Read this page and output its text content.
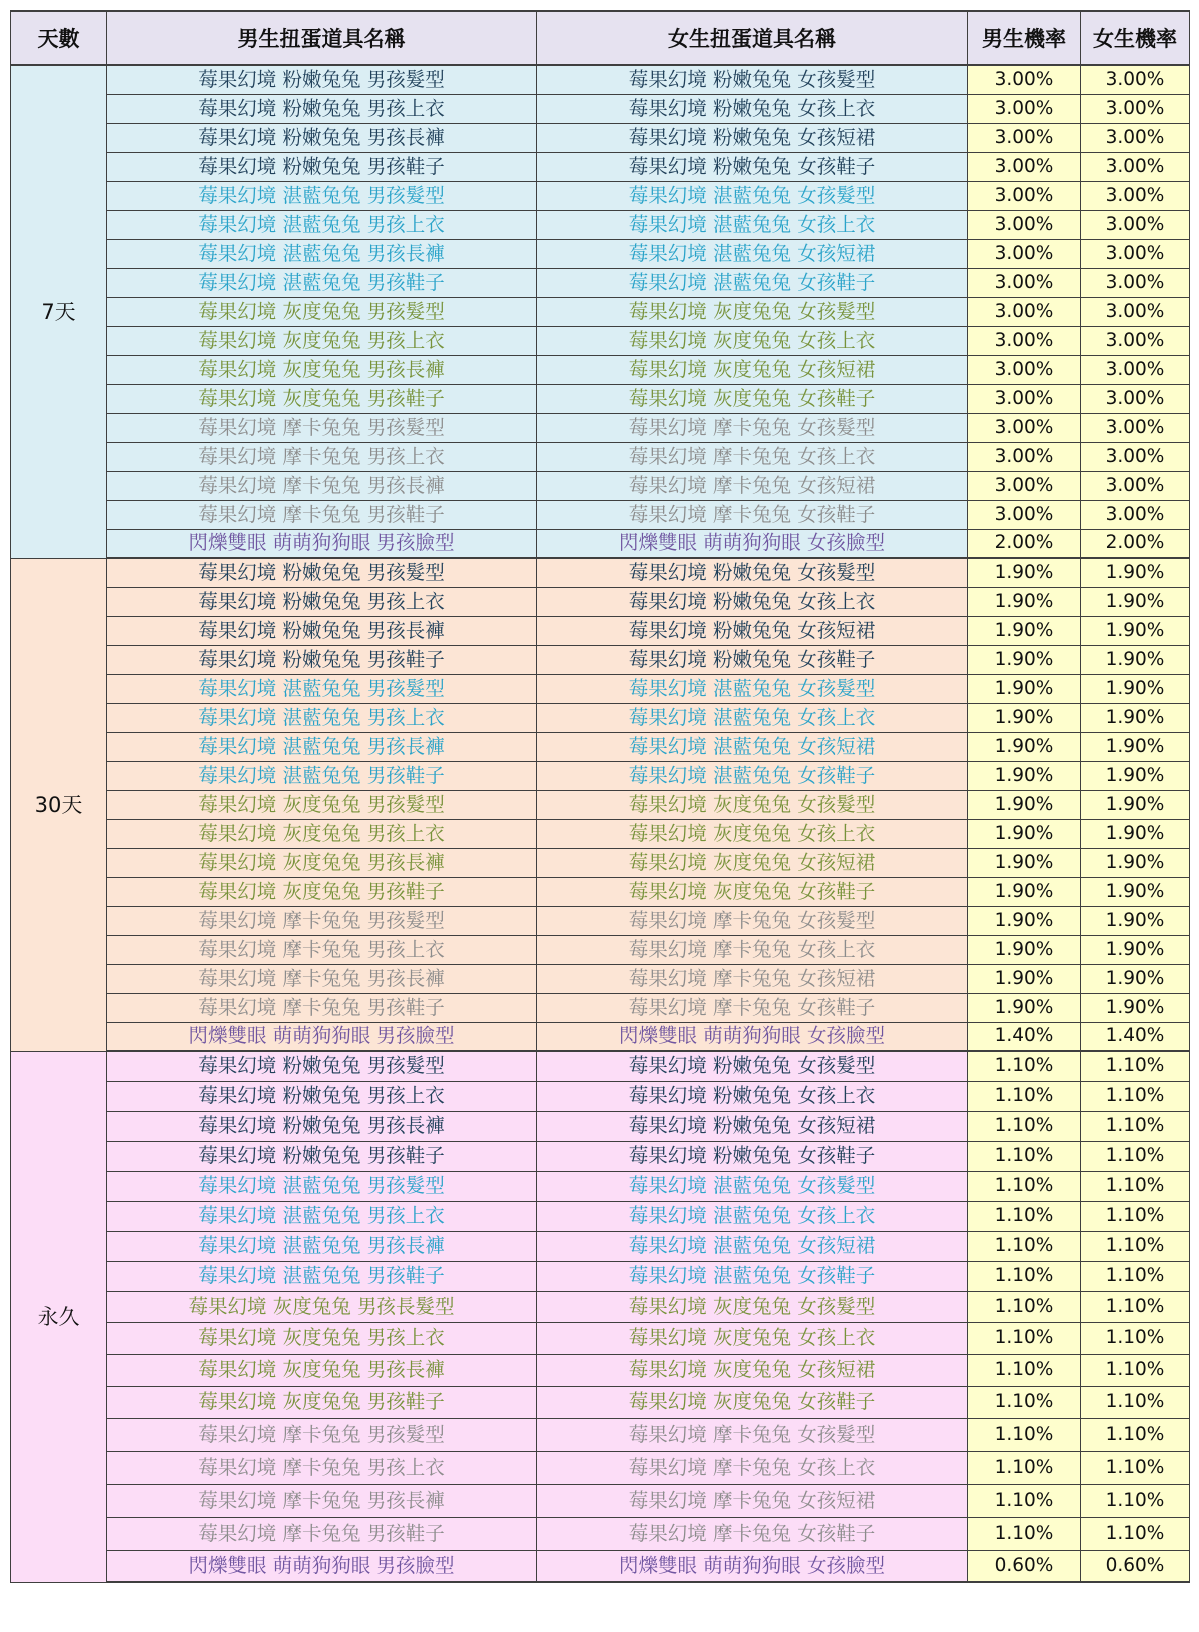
天數	男生扭蛋道具名稱	女生扭蛋道具名稱	男生機率	女生機率
7天	莓果幻境 粉嫩兔兔 男孩髮型	莓果幻境 粉嫩兔兔 女孩髮型	3.00%	3.00%
	莓果幻境 粉嫩兔兔 男孩上衣	莓果幻境 粉嫩兔兔 女孩上衣	3.00%	3.00%
	莓果幻境 粉嫩兔兔 男孩長褲	莓果幻境 粉嫩兔兔 女孩短裙	3.00%	3.00%
	莓果幻境 粉嫩兔兔 男孩鞋子	莓果幻境 粉嫩兔兔 女孩鞋子	3.00%	3.00%
	莓果幻境 湛藍兔兔 男孩髮型	莓果幻境 湛藍兔兔 女孩髮型	3.00%	3.00%
	莓果幻境 湛藍兔兔 男孩上衣	莓果幻境 湛藍兔兔 女孩上衣	3.00%	3.00%
	莓果幻境 湛藍兔兔 男孩長褲	莓果幻境 湛藍兔兔 女孩短裙	3.00%	3.00%
	莓果幻境 湛藍兔兔 男孩鞋子	莓果幻境 湛藍兔兔 女孩鞋子	3.00%	3.00%
	莓果幻境 灰度兔兔 男孩髮型	莓果幻境 灰度兔兔 女孩髮型	3.00%	3.00%
	莓果幻境 灰度兔兔 男孩上衣	莓果幻境 灰度兔兔 女孩上衣	3.00%	3.00%
	莓果幻境 灰度兔兔 男孩長褲	莓果幻境 灰度兔兔 女孩短裙	3.00%	3.00%
	莓果幻境 灰度兔兔 男孩鞋子	莓果幻境 灰度兔兔 女孩鞋子	3.00%	3.00%
	莓果幻境 摩卡兔兔 男孩髮型	莓果幻境 摩卡兔兔 女孩髮型	3.00%	3.00%
	莓果幻境 摩卡兔兔 男孩上衣	莓果幻境 摩卡兔兔 女孩上衣	3.00%	3.00%
	莓果幻境 摩卡兔兔 男孩長褲	莓果幻境 摩卡兔兔 女孩短裙	3.00%	3.00%
	莓果幻境 摩卡兔兔 男孩鞋子	莓果幻境 摩卡兔兔 女孩鞋子	3.00%	3.00%
	閃爍雙眼 萌萌狗狗眼 男孩臉型	閃爍雙眼 萌萌狗狗眼 女孩臉型	2.00%	2.00%
30天	莓果幻境 粉嫩兔兔 男孩髮型	莓果幻境 粉嫩兔兔 女孩髮型	1.90%	1.90%
	莓果幻境 粉嫩兔兔 男孩上衣	莓果幻境 粉嫩兔兔 女孩上衣	1.90%	1.90%
	莓果幻境 粉嫩兔兔 男孩長褲	莓果幻境 粉嫩兔兔 女孩短裙	1.90%	1.90%
	莓果幻境 粉嫩兔兔 男孩鞋子	莓果幻境 粉嫩兔兔 女孩鞋子	1.90%	1.90%
	莓果幻境 湛藍兔兔 男孩髮型	莓果幻境 湛藍兔兔 女孩髮型	1.90%	1.90%
	莓果幻境 湛藍兔兔 男孩上衣	莓果幻境 湛藍兔兔 女孩上衣	1.90%	1.90%
	莓果幻境 湛藍兔兔 男孩長褲	莓果幻境 湛藍兔兔 女孩短裙	1.90%	1.90%
	莓果幻境 湛藍兔兔 男孩鞋子	莓果幻境 湛藍兔兔 女孩鞋子	1.90%	1.90%
	莓果幻境 灰度兔兔 男孩髮型	莓果幻境 灰度兔兔 女孩髮型	1.90%	1.90%
	莓果幻境 灰度兔兔 男孩上衣	莓果幻境 灰度兔兔 女孩上衣	1.90%	1.90%
	莓果幻境 灰度兔兔 男孩長褲	莓果幻境 灰度兔兔 女孩短裙	1.90%	1.90%
	莓果幻境 灰度兔兔 男孩鞋子	莓果幻境 灰度兔兔 女孩鞋子	1.90%	1.90%
	莓果幻境 摩卡兔兔 男孩髮型	莓果幻境 摩卡兔兔 女孩髮型	1.90%	1.90%
	莓果幻境 摩卡兔兔 男孩上衣	莓果幻境 摩卡兔兔 女孩上衣	1.90%	1.90%
	莓果幻境 摩卡兔兔 男孩長褲	莓果幻境 摩卡兔兔 女孩短裙	1.90%	1.90%
	莓果幻境 摩卡兔兔 男孩鞋子	莓果幻境 摩卡兔兔 女孩鞋子	1.90%	1.90%
	閃爍雙眼 萌萌狗狗眼 男孩臉型	閃爍雙眼 萌萌狗狗眼 女孩臉型	1.40%	1.40%
永久	莓果幻境 粉嫩兔兔 男孩髮型	莓果幻境 粉嫩兔兔 女孩髮型	1.10%	1.10%
	莓果幻境 粉嫩兔兔 男孩上衣	莓果幻境 粉嫩兔兔 女孩上衣	1.10%	1.10%
	莓果幻境 粉嫩兔兔 男孩長褲	莓果幻境 粉嫩兔兔 女孩短裙	1.10%	1.10%
	莓果幻境 粉嫩兔兔 男孩鞋子	莓果幻境 粉嫩兔兔 女孩鞋子	1.10%	1.10%
	莓果幻境 湛藍兔兔 男孩髮型	莓果幻境 湛藍兔兔 女孩髮型	1.10%	1.10%
	莓果幻境 湛藍兔兔 男孩上衣	莓果幻境 湛藍兔兔 女孩上衣	1.10%	1.10%
	莓果幻境 湛藍兔兔 男孩長褲	莓果幻境 湛藍兔兔 女孩短裙	1.10%	1.10%
	莓果幻境 湛藍兔兔 男孩鞋子	莓果幻境 湛藍兔兔 女孩鞋子	1.10%	1.10%
	莓果幻境 灰度兔兔 男孩長髮型	莓果幻境 灰度兔兔 女孩髮型	1.10%	1.10%
	莓果幻境 灰度兔兔 男孩上衣	莓果幻境 灰度兔兔 女孩上衣	1.10%	1.10%
	莓果幻境 灰度兔兔 男孩長褲	莓果幻境 灰度兔兔 女孩短裙	1.10%	1.10%
	莓果幻境 灰度兔兔 男孩鞋子	莓果幻境 灰度兔兔 女孩鞋子	1.10%	1.10%
	莓果幻境 摩卡兔兔 男孩髮型	莓果幻境 摩卡兔兔 女孩髮型	1.10%	1.10%
	莓果幻境 摩卡兔兔 男孩上衣	莓果幻境 摩卡兔兔 女孩上衣	1.10%	1.10%
	莓果幻境 摩卡兔兔 男孩長褲	莓果幻境 摩卡兔兔 女孩短裙	1.10%	1.10%
	莓果幻境 摩卡兔兔 男孩鞋子	莓果幻境 摩卡兔兔 女孩鞋子	1.10%	1.10%
	閃爍雙眼 萌萌狗狗眼 男孩臉型	閃爍雙眼 萌萌狗狗眼 女孩臉型	0.60%	0.60%
